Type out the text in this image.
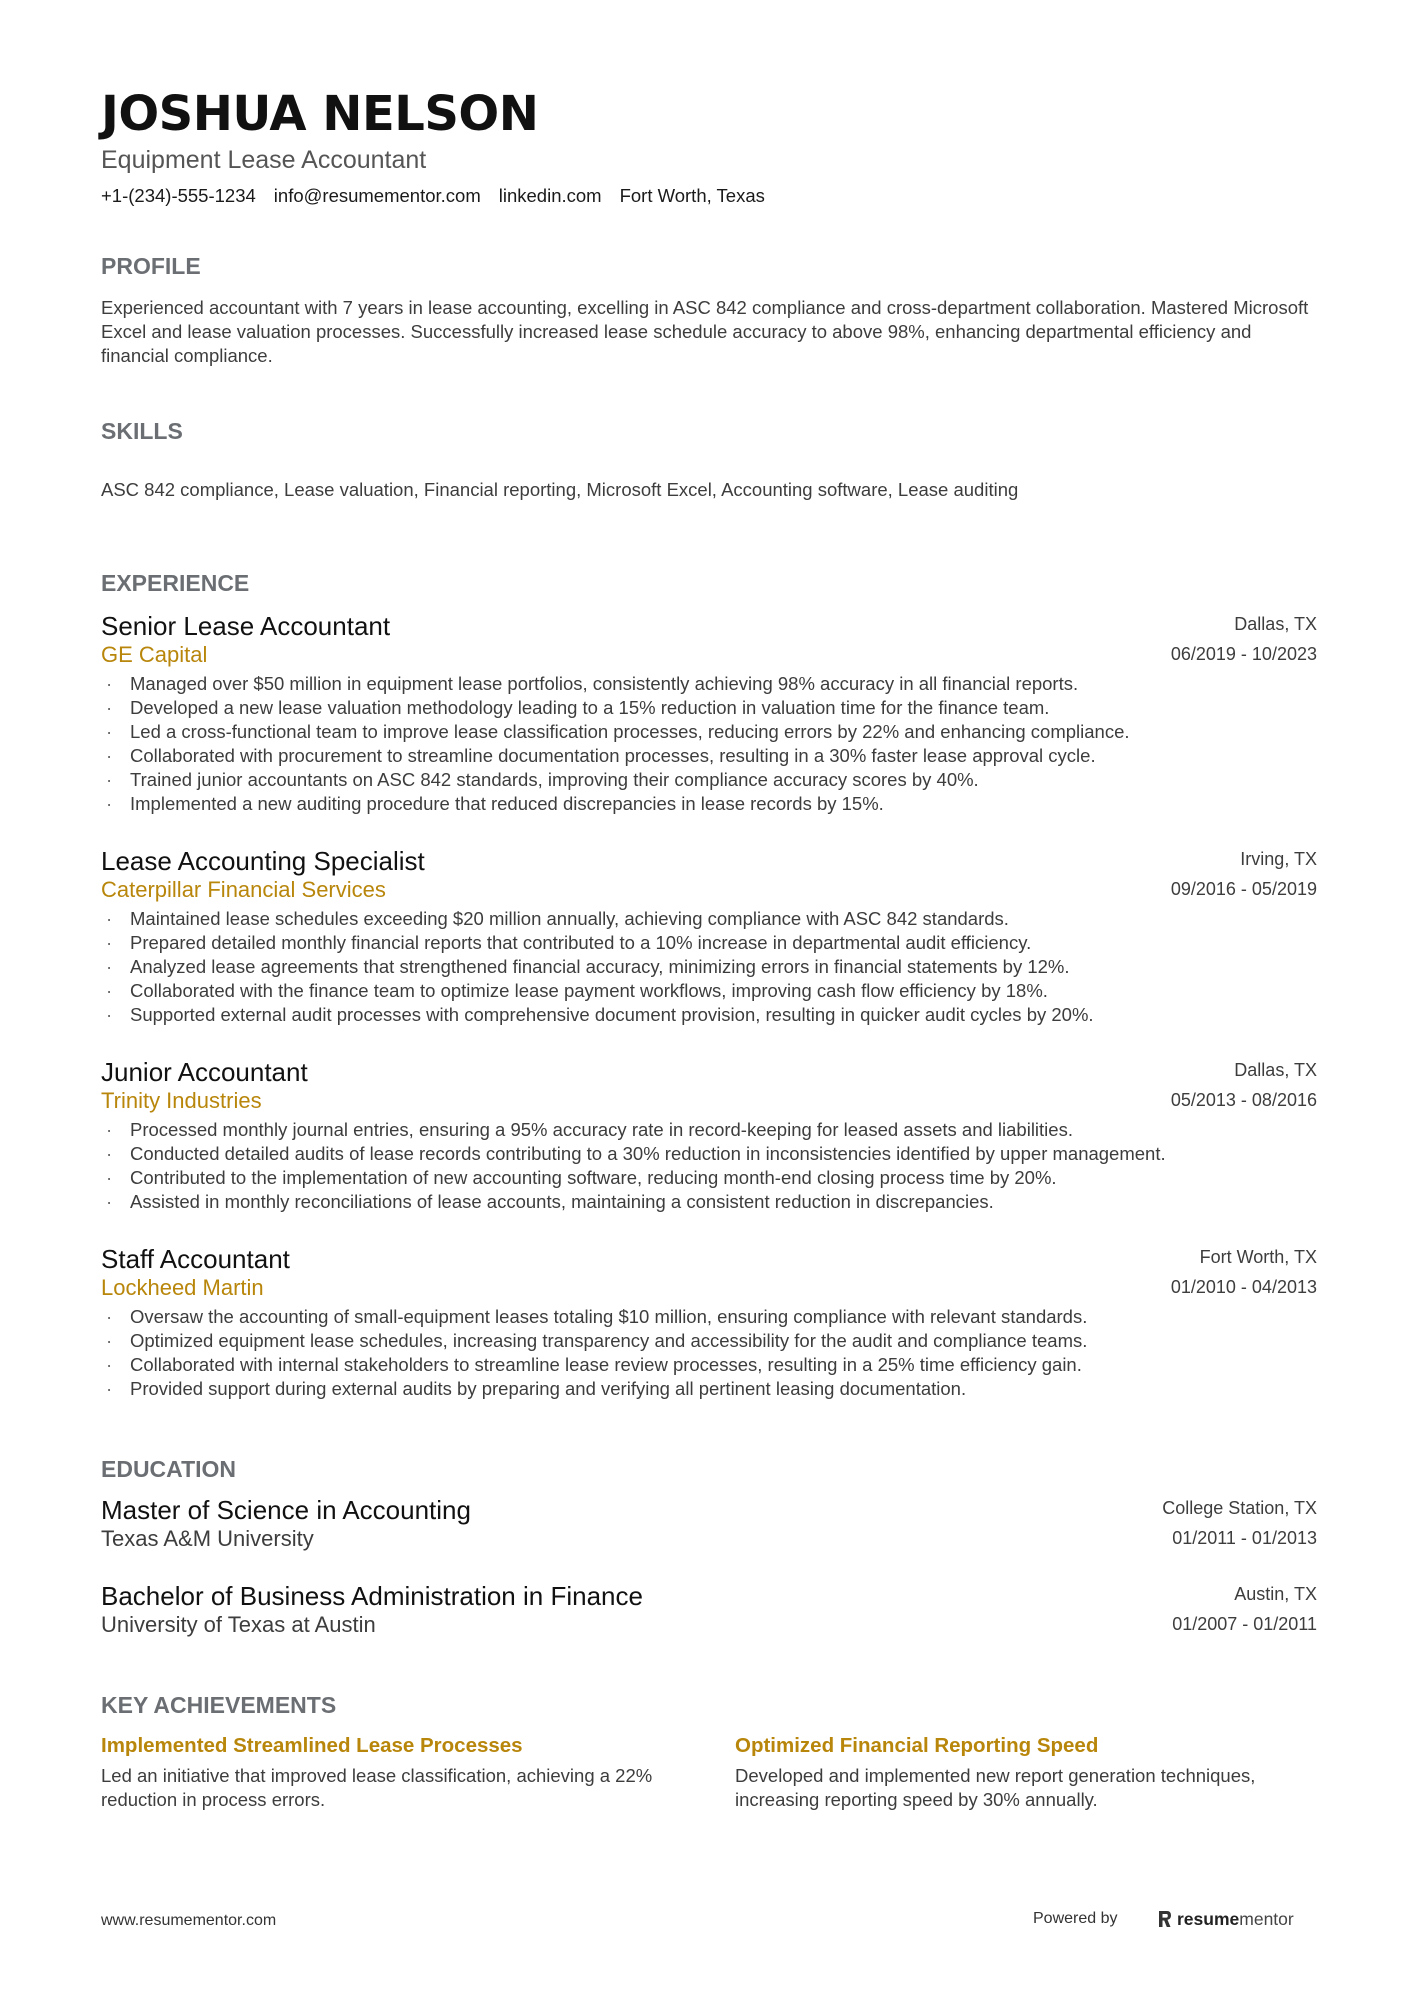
JOSHUA NELSON
Equipment Lease Accountant
+1-(234)-555-1234 info@resumementor.com linkedin.com Fort Worth, Texas
PROFILE

Experienced accountant with 7 years in lease accounting, excelling in ASC 842 compliance and cross-department collaboration. Mastered Microsoft Excel and lease valuation processes. Successfully increased lease schedule accuracy to above 98%, enhancing departmental efficiency and financial compliance.

SKILLS

ASC 842 compliance, Lease valuation, Financial reporting, Microsoft Excel, Accounting software, Lease auditing

EXPERIENCE
Senior Lease Accountant	Dallas, TX
GE Capital	06/2019 - 10/2023
· Managed over $50 million in equipment lease portfolios, consistently achieving 98% accuracy in all financial reports.
· Developed a new lease valuation methodology leading to a 15% reduction in valuation time for the finance team.
· Led a cross-functional team to improve lease classification processes, reducing errors by 22% and enhancing compliance.
· Collaborated with procurement to streamline documentation processes, resulting in a 30% faster lease approval cycle.
· Trained junior accountants on ASC 842 standards, improving their compliance accuracy scores by 40%.
· Implemented a new auditing procedure that reduced discrepancies in lease records by 15%.
Lease Accounting Specialist	Irving, TX
Caterpillar Financial Services	09/2016 - 05/2019
· Maintained lease schedules exceeding $20 million annually, achieving compliance with ASC 842 standards.
· Prepared detailed monthly financial reports that contributed to a 10% increase in departmental audit efficiency.
· Analyzed lease agreements that strengthened financial accuracy, minimizing errors in financial statements by 12%.
· Collaborated with the finance team to optimize lease payment workflows, improving cash flow efficiency by 18%.
· Supported external audit processes with comprehensive document provision, resulting in quicker audit cycles by 20%.
Junior Accountant	Dallas, TX
Trinity Industries	05/2013 - 08/2016
· Processed monthly journal entries, ensuring a 95% accuracy rate in record-keeping for leased assets and liabilities.
· Conducted detailed audits of lease records contributing to a 30% reduction in inconsistencies identified by upper management.
· Contributed to the implementation of new accounting software, reducing month-end closing process time by 20%.
· Assisted in monthly reconciliations of lease accounts, maintaining a consistent reduction in discrepancies.
Staff Accountant	Fort Worth, TX
Lockheed Martin	01/2010 - 04/2013
· Oversaw the accounting of small-equipment leases totaling $10 million, ensuring compliance with relevant standards.
· Optimized equipment lease schedules, increasing transparency and accessibility for the audit and compliance teams.
· Collaborated with internal stakeholders to streamline lease review processes, resulting in a 25% time efficiency gain.
· Provided support during external audits by preparing and verifying all pertinent leasing documentation.
EDUCATION
Master of Science in Accounting	College Station, TX
Texas A&M University	01/2011 - 01/2013
Bachelor of Business Administration in Finance	Austin, TX
University of Texas at Austin	01/2007 - 01/2011
KEY ACHIEVEMENTS

Implemented Streamlined Lease Processes

Led an initiative that improved lease classification, achieving a 22% reduction in process errors.

Optimized Financial Reporting Speed

Developed and implemented new report generation techniques, increasing reporting speed by 30% annually.

www.resumementor.com	Powered by	resume mentor
